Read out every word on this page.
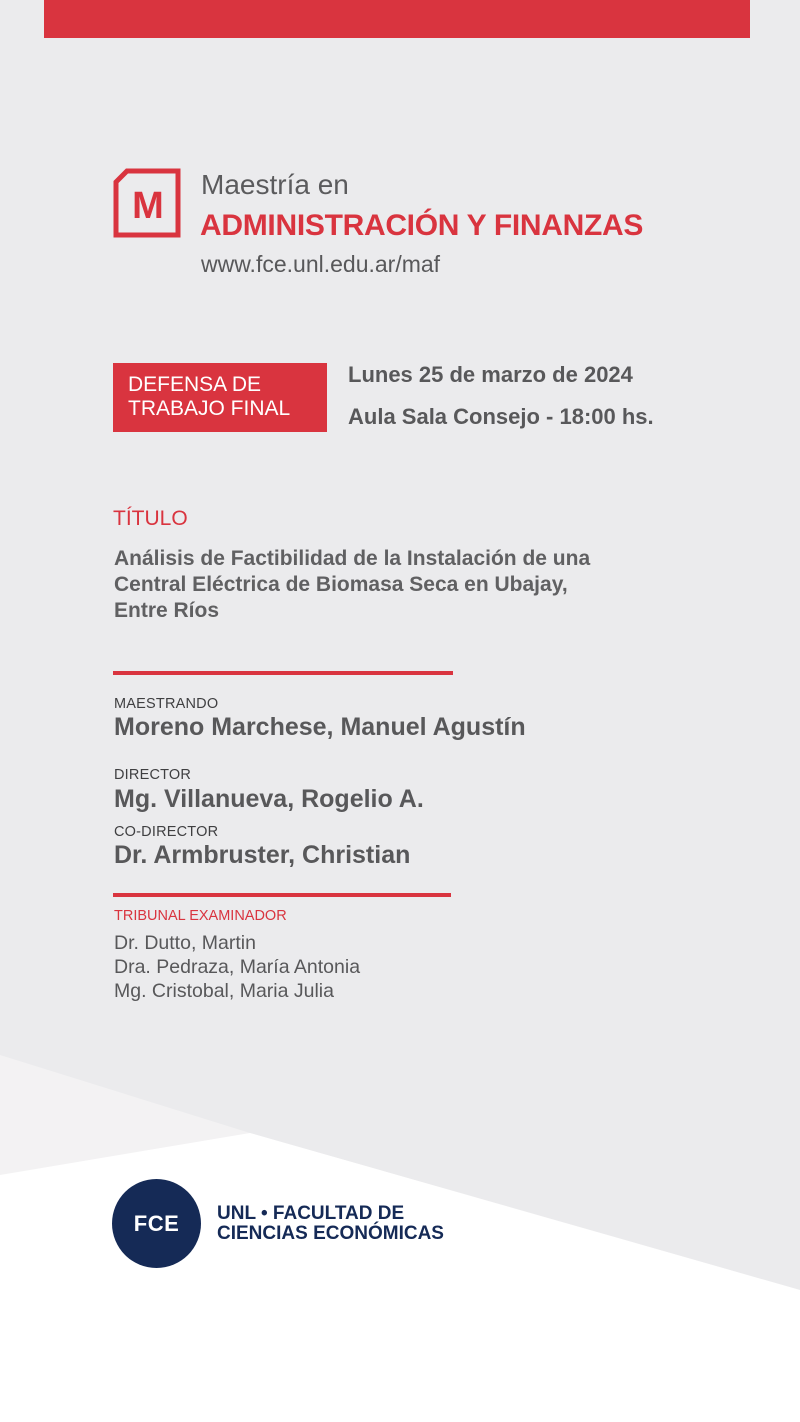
M
Maestría en
ADMINISTRACIÓN Y FINANZAS
www.fce.unl.edu.ar/maf
DEFENSA DE
TRABAJO FINAL
Lunes 25 de marzo de 2024
Aula Sala Consejo - 18:00 hs.
TÍTULO
Análisis de Factibilidad de la Instalación de una
Central Eléctrica de Biomasa Seca en Ubajay,
Entre Ríos
MAESTRANDO
Moreno Marchese, Manuel Agustín
DIRECTOR
Mg. Villanueva, Rogelio A.
CO-DIRECTOR
Dr. Armbruster, Christian
TRIBUNAL EXAMINADOR
Dr. Dutto, Martin
Dra. Pedraza, María Antonia
Mg. Cristobal, Maria Julia
FCE	UNL • FACULTAD DE
CIENCIAS ECONÓMICAS
